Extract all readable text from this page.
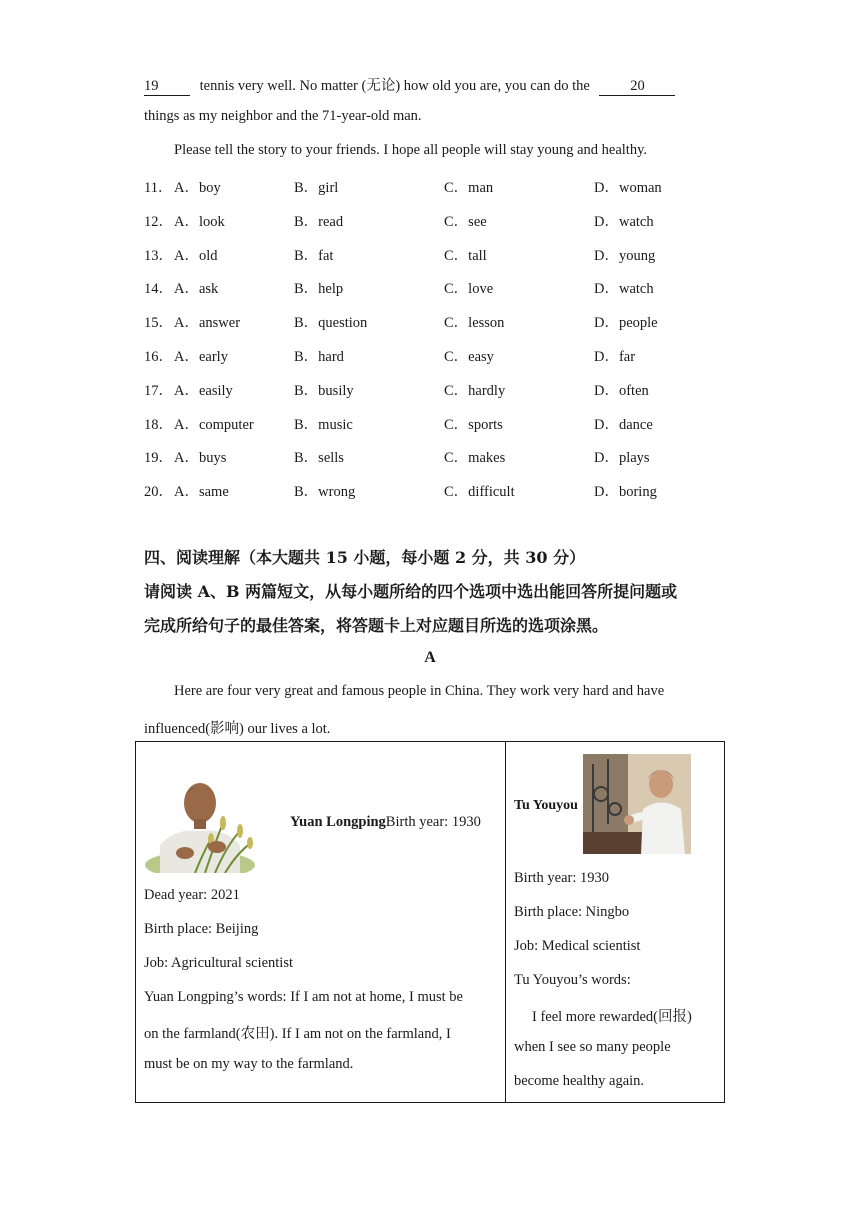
19	tennis very well. No matter (无论) how old you are, you can do the	20
things as my neighbor and the 71-year-old man.
Please tell the story to your friends. I hope all people will stay young and healthy.
11． A．boy	B．girl	C．man	D．woman
12． A．look	B．read	C．see	D．watch
13． A．old	B．fat	C．tall	D．young
14． A．ask	B．help	C．love	D．watch
15． A．answer	B．question	C．lesson	D．people
16． A．early	B．hard	C．easy	D．far
17． A．easily	B．busily	C．hardly	D．often
18． A．computer	B．music	C．sports	D．dance
19． A．buys	B．sells	C．makes	D．plays
20． A．same	B．wrong	C．difficult	D．boring
四、阅读理解（本大题共 15 小题，每小题 2 分，共 30 分）
请阅读 A、B 两篇短文，从每小题所给的四个选项中选出能回答所提问题或
完成所给句子的最佳答案，将答题卡上对应题目所选的选项涂黑。
A
Here are four very great and famous people in China. They work very hard and have
influenced(影响) our lives a lot.
Yuan LongpingBirth year: 1930
Dead year: 2021
Birth place: Beijing
Job: Agricultural scientist
Yuan Longping’s words: If I am not at home, I must be
on the farmland(农田). If I am not on the farmland, I
must be on my way to the farmland.

Tu Youyou
Birth year: 1930
Birth place: Ningbo
Job: Medical scientist
Tu Youyou’s words:
I feel more rewarded(回报)
when I see so many people
become healthy again.
